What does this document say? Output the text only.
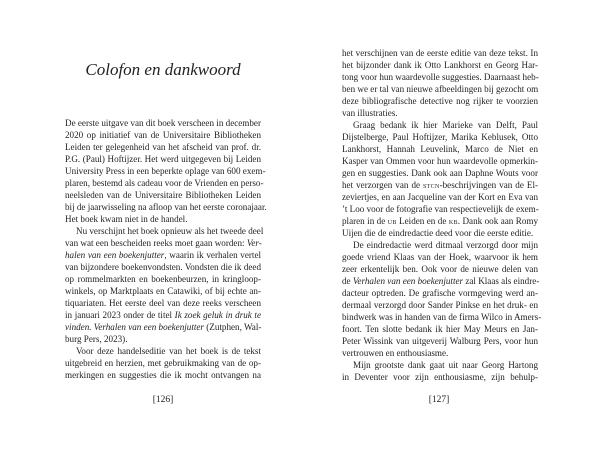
Colofon en dankwoord
De eerste uitgave van dit boek verscheen in december
2020 op initiatief van de Universitaire Bibliotheken
Leiden ter gelegenheid van het afscheid van prof. dr.
P.G. (Paul) Hoftijzer. Het werd uitgegeven bij Leiden
University Press in een beperkte oplage van 600 exem-
plaren, bestemd als cadeau voor de Vrienden en perso-
neelsleden van de Universitaire Bibliotheken Leiden
bij de jaarwisseling na afloop van het eerste coronajaar.
Het boek kwam niet in de handel.
Nu verschijnt het boek opnieuw als het tweede deel
van wat een bescheiden reeks moet gaan worden: Ver-
halen van een boekenjutter, waarin ik verhalen vertel
van bijzondere boekenvondsten. Vondsten die ik deed
op rommelmarkten en boekenbeurzen, in kringloop-
winkels, op Marktplaats en Catawiki, of bij echte an-
tiquariaten. Het eerste deel van deze reeks verscheen
in januari 2023 onder de titel Ik zoek geluk in druk te
vinden. Verhalen van een boekenjutter (Zutphen, Wal-
burg Pers, 2023).
Voor deze handelseditie van het boek is de tekst
uitgebreid en herzien, met gebruikmaking van de op-
merkingen en suggesties die ik mocht ontvangen na
[126]
het verschijnen van de eerste editie van deze tekst. In
het bijzonder dank ik Otto Lankhorst en Georg Har-
tong voor hun waardevolle suggesties. Daarnaast heb-
ben we er tal van nieuwe afbeeldingen bij gezocht om
deze bibliografische detective nog rijker te voorzien
van illustraties.
Graag bedank ik hier Marieke van Delft, Paul
Dijstelberge, Paul Hoftijzer, Marika Keblusek, Otto
Lankhorst, Hannah Leuvelink, Marco de Niet en
Kasper van Ommen voor hun waardevolle opmerkin-
gen en suggesties. Dank ook aan Daphne Wouts voor
het verzorgen van de stcn-beschrijvingen van de El-
zeviertjes, en aan Jacqueline van der Kort en Eva van
’t Loo voor de fotografie van respectievelijk de exem-
plaren in de ub Leiden en de kb. Dank ook aan Romy
Uijen die de eindredactie deed voor die eerste editie.
De eindredactie werd ditmaal verzorgd door mijn
goede vriend Klaas van der Hoek, waarvoor ik hem
zeer erkentelijk ben. Ook voor de nieuwe delen van
de Verhalen van een boekenjutter zal Klaas als eindre-
dacteur optreden. De grafische vormgeving werd an-
dermaal verzorgd door Sander Pinkse en het druk- en
bindwerk was in handen van de firma Wilco in Amers-
foort. Ten slotte bedank ik hier May Meurs en Jan-
Peter Wissink van uitgeverij Walburg Pers, voor hun
vertrouwen en enthousiasme.
Mijn grootste dank gaat uit naar Georg Hartong
in Deventer voor zijn enthousiasme, zijn behulp-
[127]
